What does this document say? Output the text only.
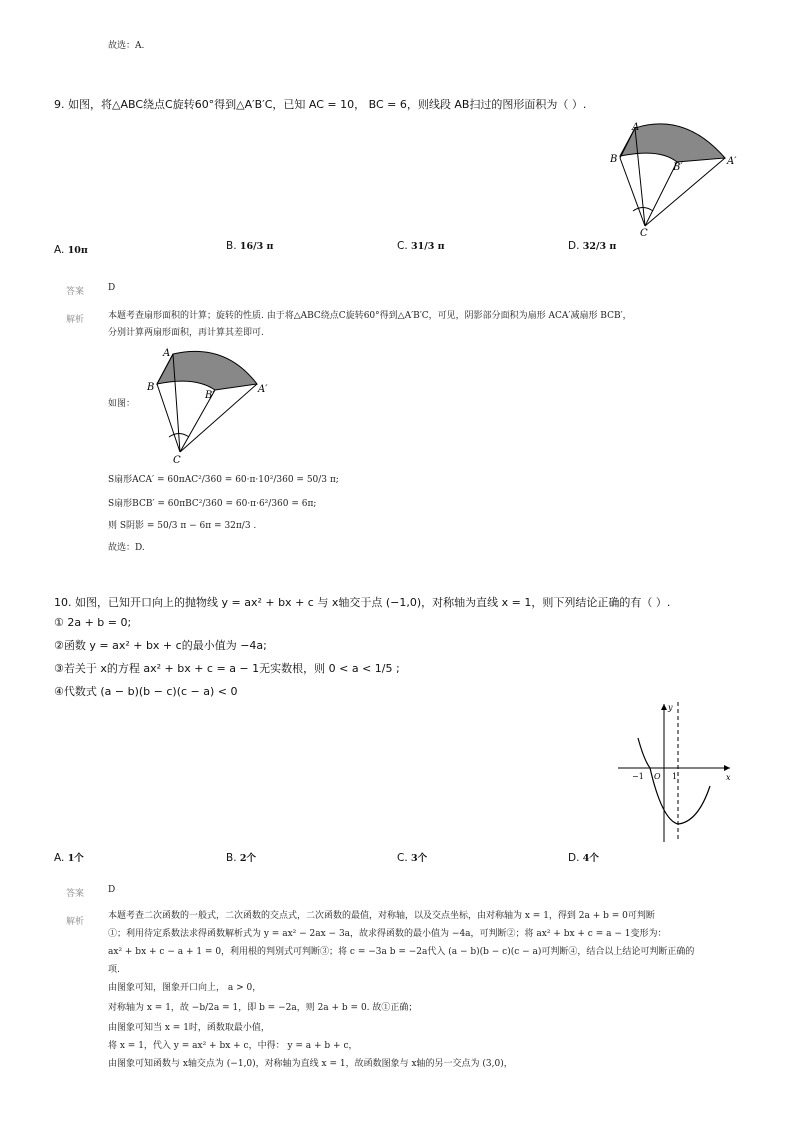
故选：A.
9. 如图，将△ABC绕点C旋转60°得到△A′B′C，已知 AC = 10， BC = 6，则线段 AB扫过的图形面积为（ ）.
A
B
B′
A′
C
A. 10π	B. 16/3 π	C. 31/3 π	D. 32/3 π
答案	D
解析	本题考查扇形面积的计算；旋转的性质. 由于将△ABC绕点C旋转60°得到△A′B′C，可见，阴影部分面积为扇形 ACA′减扇形 BCB′，
分别计算两扇形面积，再计算其差即可.
如图：
A
B
B′
A′
C
S扇形ACA′ = 60πAC²/360 = 60·π·10²/360 = 50/3 π;
S扇形BCB′ = 60πBC²/360 = 60·π·6²/360 = 6π;
则 S阴影 = 50/3 π − 6π = 32π/3 .
故选：D.
10. 如图，已知开口向上的抛物线 y = ax² + bx + c 与 x轴交于点 (−1,0)，对称轴为直线 x = 1，则下列结论正确的有（ ）.
① 2a + b = 0;
②函数 y = ax² + bx + c的最小值为 −4a;
③若关于 x的方程 ax² + bx + c = a − 1无实数根，则 0 < a < 1/5 ;
④代数式 (a − b)(b − c)(c − a) < 0
y
x
O
−1	1
A. 1个	B. 2个	C. 3个	D. 4个
答案	D
解析
本题考查二次函数的一般式，二次函数的交点式，二次函数的最值，对称轴，以及交点坐标，由对称轴为 x = 1，得到 2a + b = 0可判断
①；利用待定系数法求得函数解析式为 y = ax² − 2ax − 3a，故求得函数的最小值为 −4a，可判断②；将 ax² + bx + c = a − 1变形为：
ax² + bx + c − a + 1 = 0，利用根的判别式可判断③；将 c = −3a b = −2a代入 (a − b)(b − c)(c − a)可判断④，结合以上结论可判断正确的
项.
由图象可知，图象开口向上， a > 0，
对称轴为 x = 1，故 −b/2a = 1，即 b = −2a，则 2a + b = 0. 故①正确；
由图象可知当 x = 1时，函数取最小值，
将 x = 1，代入 y = ax² + bx + c，中得： y = a + b + c，
由图象可知函数与 x轴交点为 (−1,0)，对称轴为直线 x = 1，故函数图象与 x轴的另一交点为 (3,0)，
